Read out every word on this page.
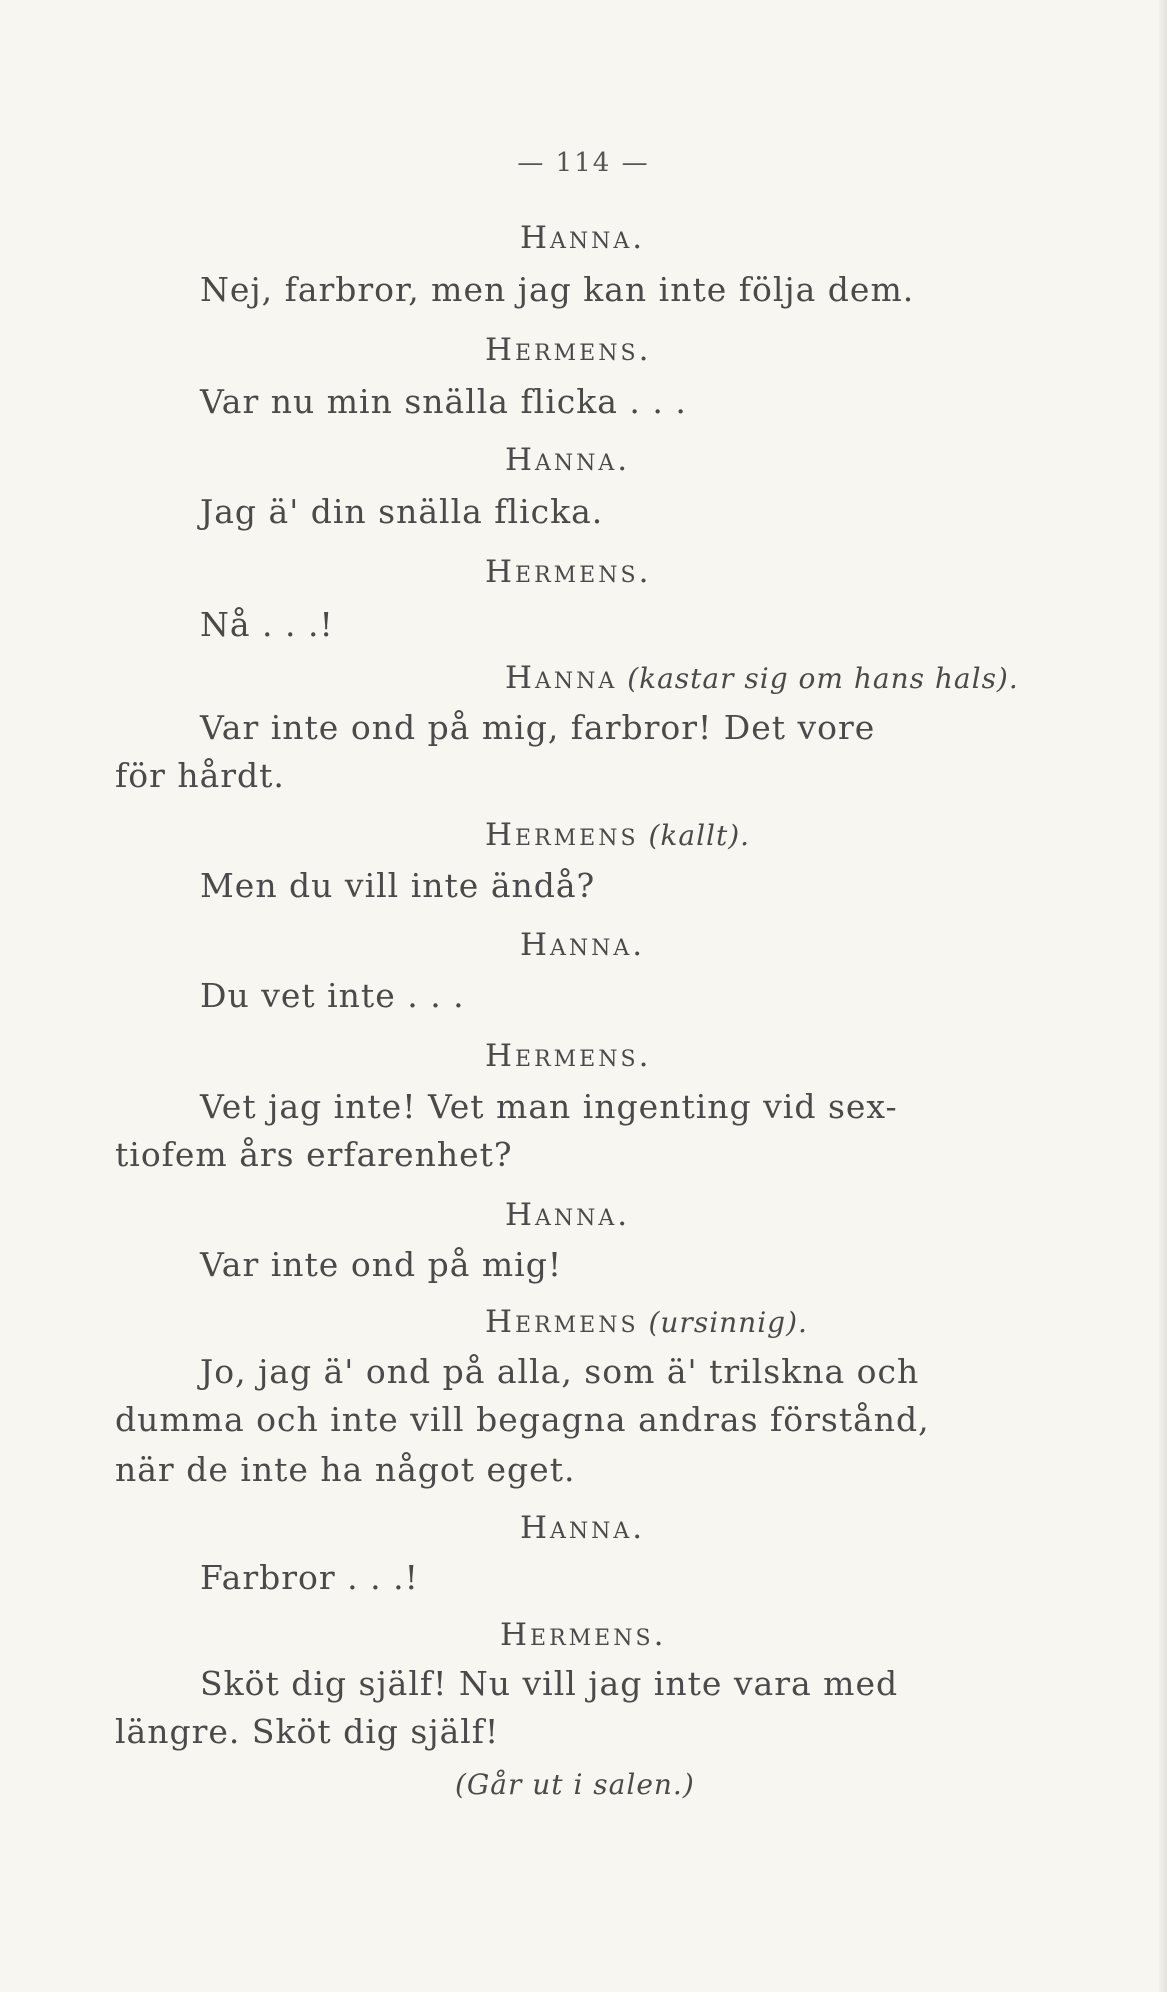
— 114 —
Hanna.
Nej, farbror, men jag kan inte följa dem.
Hermens.
Var nu min snälla flicka . . .
Hanna.
Jag ä' din snälla flicka.
Hermens.
Nå . . .!
Hanna (kastar sig om hans hals).
Var inte ond på mig, farbror! Det vore
för hårdt.
Hermens (kallt).
Men du vill inte ändå?
Hanna.
Du vet inte . . .
Hermens.
Vet jag inte! Vet man ingenting vid sex-
tiofem års erfarenhet?
Hanna.
Var inte ond på mig!
Hermens (ursinnig).
Jo, jag ä' ond på alla, som ä' trilskna och
dumma och inte vill begagna andras förstånd,
när de inte ha något eget.
Hanna.
Farbror . . .!
Hermens.
Sköt dig själf! Nu vill jag inte vara med
längre. Sköt dig själf!
(Går ut i salen.)
